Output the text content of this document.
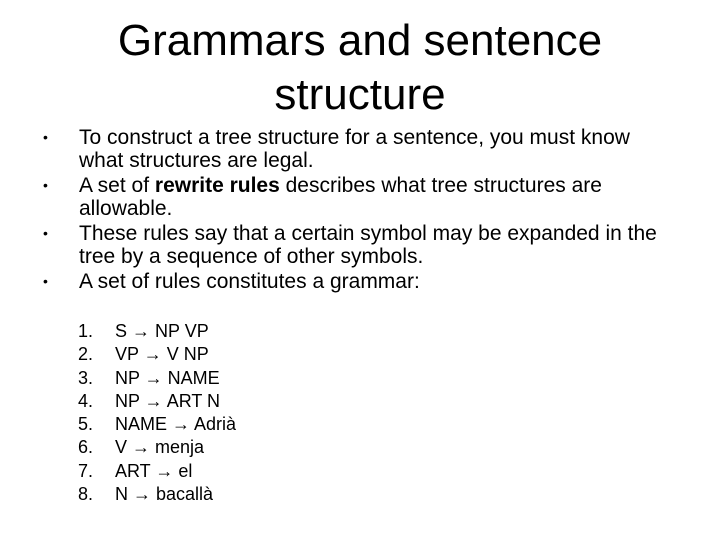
Grammars and sentence structure
• To construct a tree structure for a sentence, you must know what structures are legal.
• A set of rewrite rules describes what tree structures are allowable.
• These rules say that a certain symbol may be expanded in the tree by a sequence of other symbols.
• A set of rules constitutes a grammar:
1. S → NP VP
2. VP → V NP
3. NP → NAME
4. NP → ART N
5. NAME → Adrià
6. V → menja
7. ART → el
8. N → bacallà
